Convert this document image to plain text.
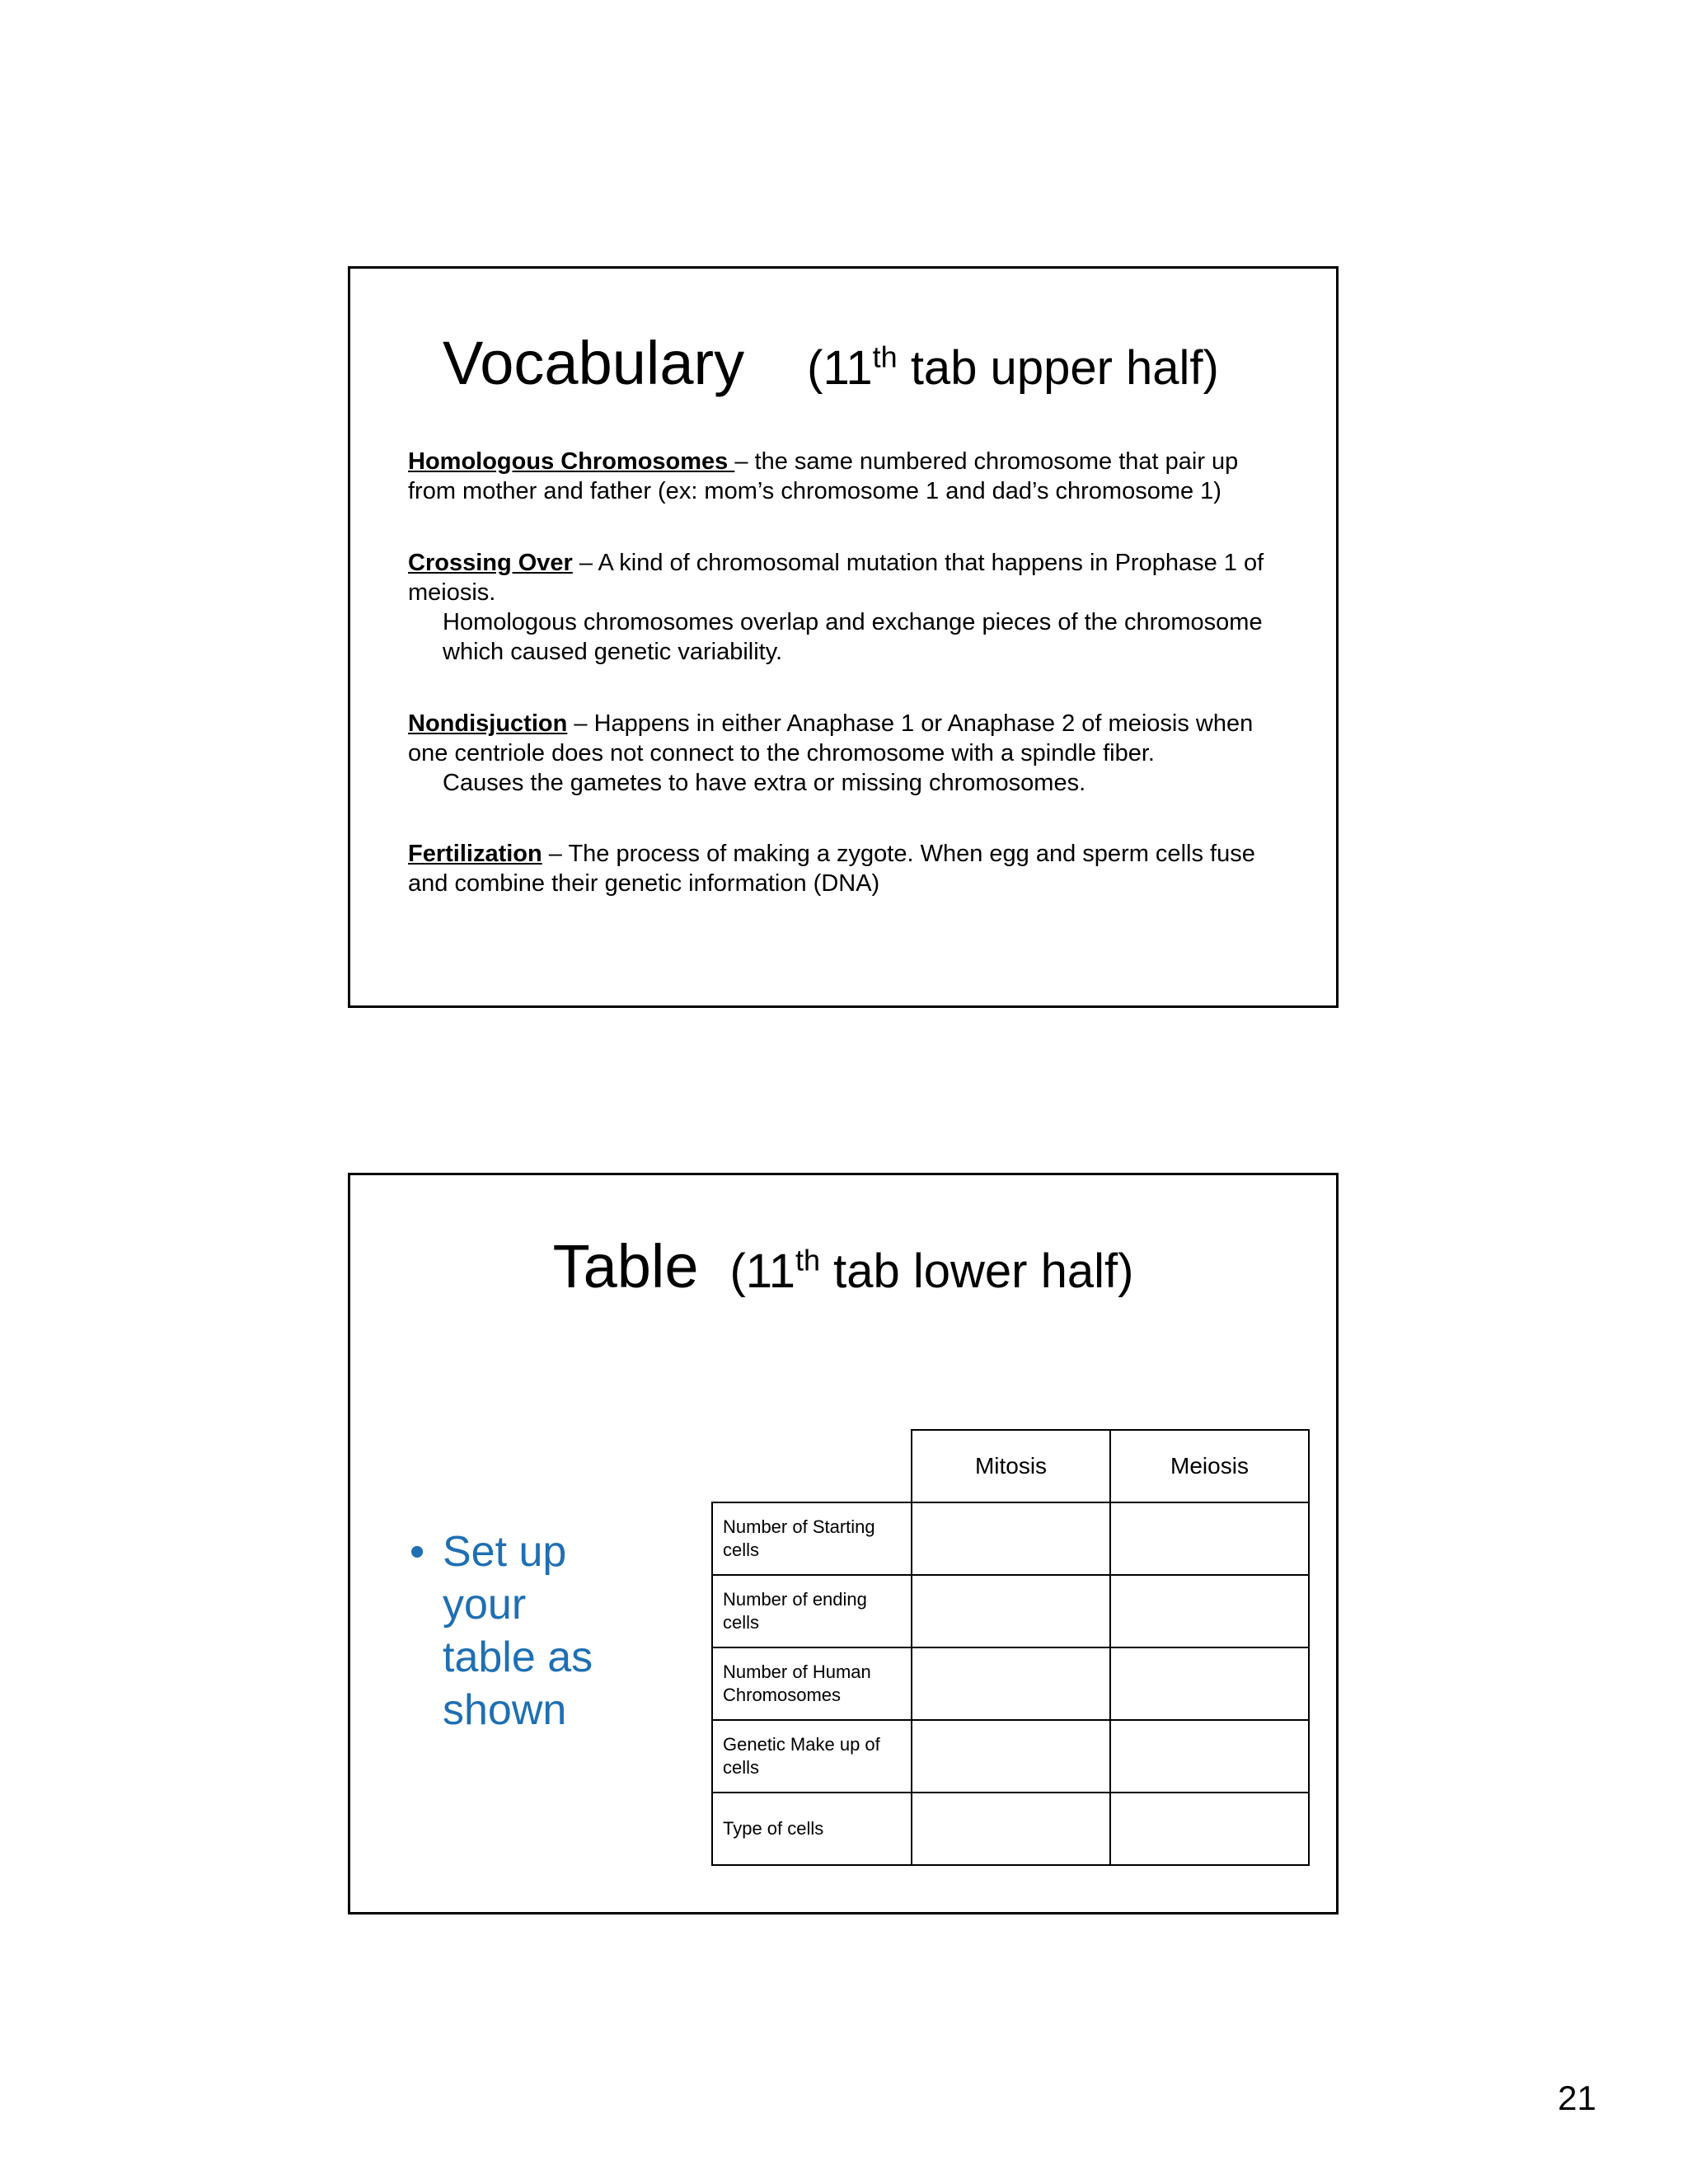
Vocabulary (11th tab upper half)
Homologous Chromosomes – the same numbered chromosome that pair up from mother and father (ex: mom’s chromosome 1 and dad’s chromosome 1)
Crossing Over – A kind of chromosomal mutation that happens in Prophase 1 of meiosis.
Homologous chromosomes overlap and exchange pieces of the chromosome which caused genetic variability.
Nondisjuction – Happens in either Anaphase 1 or Anaphase 2 of meiosis when one centriole does not connect to the chromosome with a spindle fiber.
Causes the gametes to have extra or missing chromosomes.
Fertilization – The process of making a zygote. When egg and sperm cells fuse and combine their genetic information (DNA)
Table (11th tab lower half)
• Set up your table as shown
	Mitosis	Meiosis
Number of Starting cells		
Number of ending cells		
Number of Human Chromosomes		
Genetic Make up of cells		
Type of cells		
21
